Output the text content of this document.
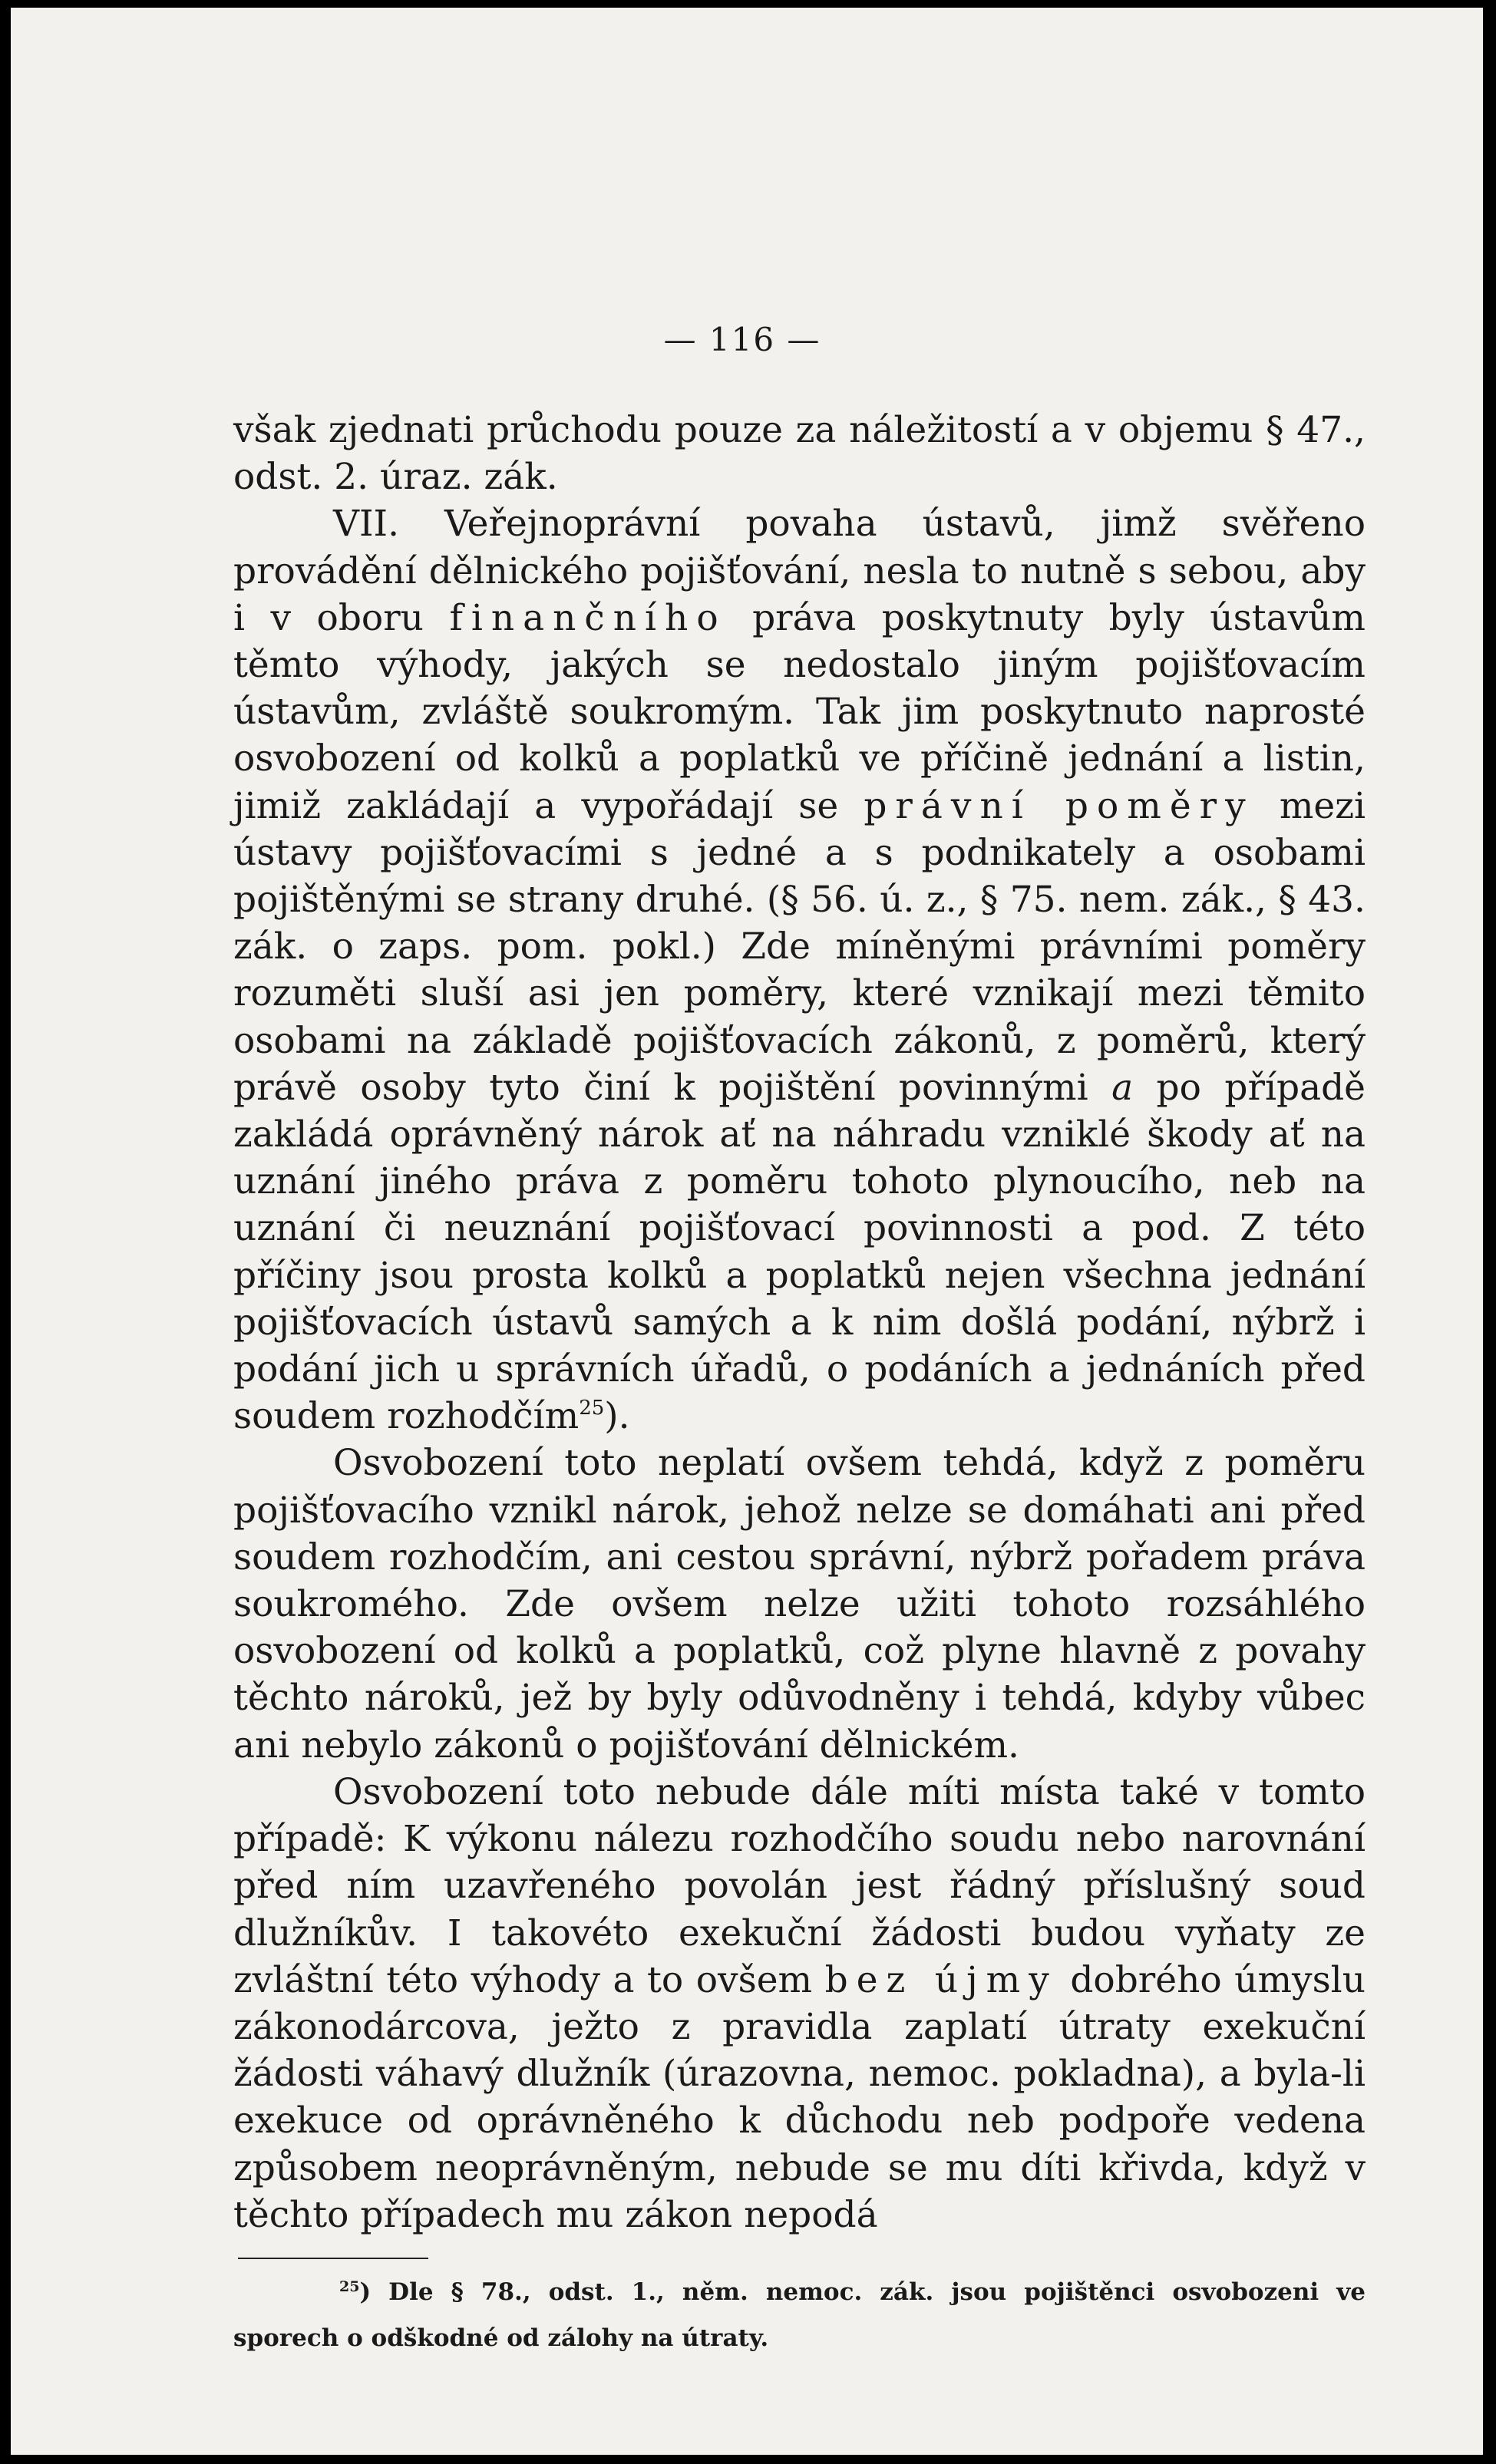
— 116 —

však zjednati průchodu pouze za náležitostí a v objemu § 47., odst. 2. úraz. zák.

VII. Veřejnoprávní povaha ústavů, jimž svěřeno provádění dělnického pojišťování, nesla to nutně s sebou, aby i v oboru finančního práva poskytnuty byly ústavům těmto výhody, jakých se nedostalo jiným pojišťovacím ústavům, zvláště soukromým. Tak jim poskytnuto naprosté osvobození od kolků a poplatků ve příčině jednání a listin, jimiž zakládají a vypořádají se právní poměry mezi ústavy pojišťovacími s jedné a s podnikately a osobami pojištěnými se strany druhé. (§ 56. ú. z., § 75. nem. zák., § 43. zák. o zaps. pom. pokl.) Zde míněnými právními poměry rozuměti sluší asi jen poměry, které vznikají mezi těmito osobami na základě pojišťovacích zákonů, z poměrů, který právě osoby tyto činí k pojištění povinnými a po případě zakládá oprávněný nárok ať na náhradu vzniklé škody ať na uznání jiného práva z poměru tohoto plynoucího, neb na uznání či neuznání pojišťovací povinnosti a pod. Z této příčiny jsou prosta kolků a poplatků nejen všechna jednání pojišťovacích ústavů samých a k nim došlá podání, nýbrž i podání jich u správních úřadů, o podáních a jednáních před soudem rozhodčím$^{25}$).

Osvobození toto neplatí ovšem tehdá, když z poměru pojišťovacího vznikl nárok, jehož nelze se domáhati ani před soudem rozhodčím, ani cestou správní, nýbrž pořadem práva soukromého. Zde ovšem nelze užiti tohoto rozsáhlého osvobození od kolků a poplatků, což plyne hlavně z povahy těchto nároků, jež by byly odůvodněny i tehdá, kdyby vůbec ani nebylo zákonů o pojišťování dělnickém.

Osvobození toto nebude dále míti místa také v tomto případě: K výkonu nálezu rozhodčího soudu nebo narovnání před ním uzavřeného povolán jest řádný příslušný soud dlužníkův. I takovéto exekuční žádosti budou vyňaty ze zvláštní této výhody a to ovšem bez újmy dobrého úmyslu zákonodárcova, ježto z pravidla zaplatí útraty exekuční žádosti váhavý dlužník (úrazovna, nemoc. pokladna), a byla-li exekuce od oprávněného k důchodu neb podpoře vedena způsobem neoprávněným, nebude se mu díti křivda, když v těchto případech mu zákon nepodá

$^{25}$) Dle § 78., odst. 1., něm. nemoc. zák. jsou pojištěnci osvobozeni ve sporech o odškodné od zálohy na útraty.
